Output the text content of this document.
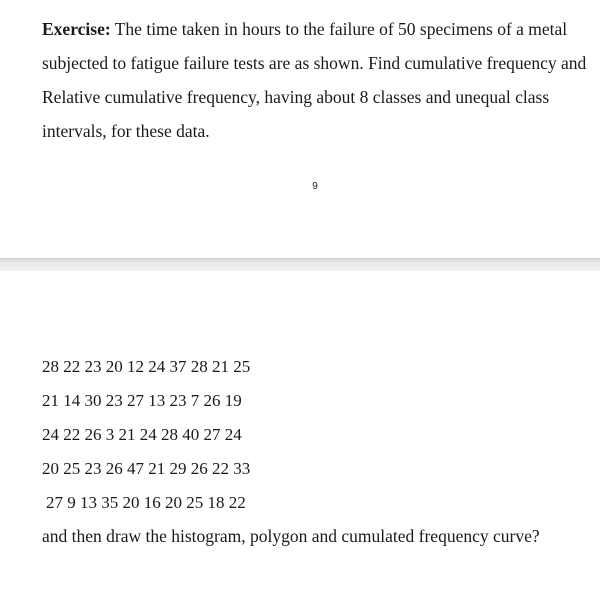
Exercise: The time taken in hours to the failure of 50 specimens of a metal subjected to fatigue failure tests are as shown. Find cumulative frequency and Relative cumulative frequency, having about 8 classes and unequal class intervals, for these data.

9

28 22 23 20 12 24 37 28 21 25

21 14 30 23 27 13 23 7 26 19

24 22 26 3 21 24 28 40 27 24

20 25 23 26 47 21 29 26 22 33

27 9 13 35 20 16 20 25 18 22

and then draw the histogram, polygon and cumulated frequency curve?
